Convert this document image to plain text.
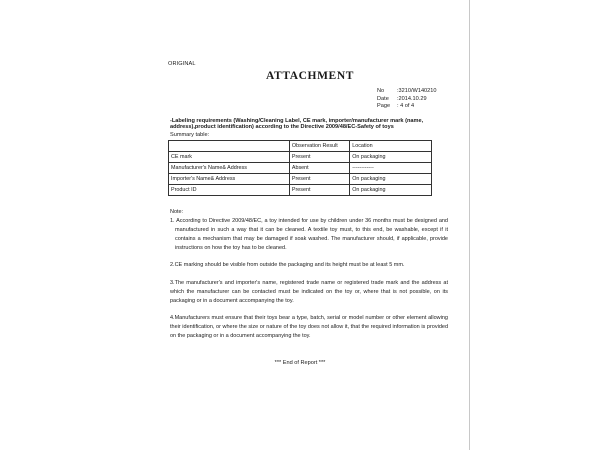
ORIGINAL
ATTACHMENT
No	:3210/W140210
Date	:2014.10.29
Page	: 4 of 4
-Labeling requirements (Washing/Cleaning Label, CE mark, importer/manufacturer mark (name, address),product identification) according to the Directive 2009/48/EC-Safety of toys
Summary table:
	Observation Result	Location
CE mark	Present	On packaging
Manufacturer's Name& Address	Absent	------------
Importer's Name& Address	Present	On packaging
Product ID	Present	On packaging
Note:

1. According to Directive 2009/48/EC, a toy intended for use by children under 36 months must be designed and manufactured in such a way that it can be cleaned. A textile toy must, to this end, be washable, except if it contains a mechanism that may be damaged if soak washed. The manufacturer should, if applicable, provide instructions on how the toy has to be cleaned.

2.CE marking should be visible from outside the packaging and its height must be at least 5 mm.

3.The manufacturer's and importer's name, registered trade name or registered trade mark and the address at which the manufacturer can be contacted must be indicated on the toy or, where that is not possible, on its packaging or in a document accompanying the toy.

4.Manufacturers must ensure that their toys bear a type, batch, serial or model number or other element allowing their identification, or where the size or nature of the toy does not allow it, that the required information is provided on the packaging or in a document accompanying the toy.

*** End of Report ***
